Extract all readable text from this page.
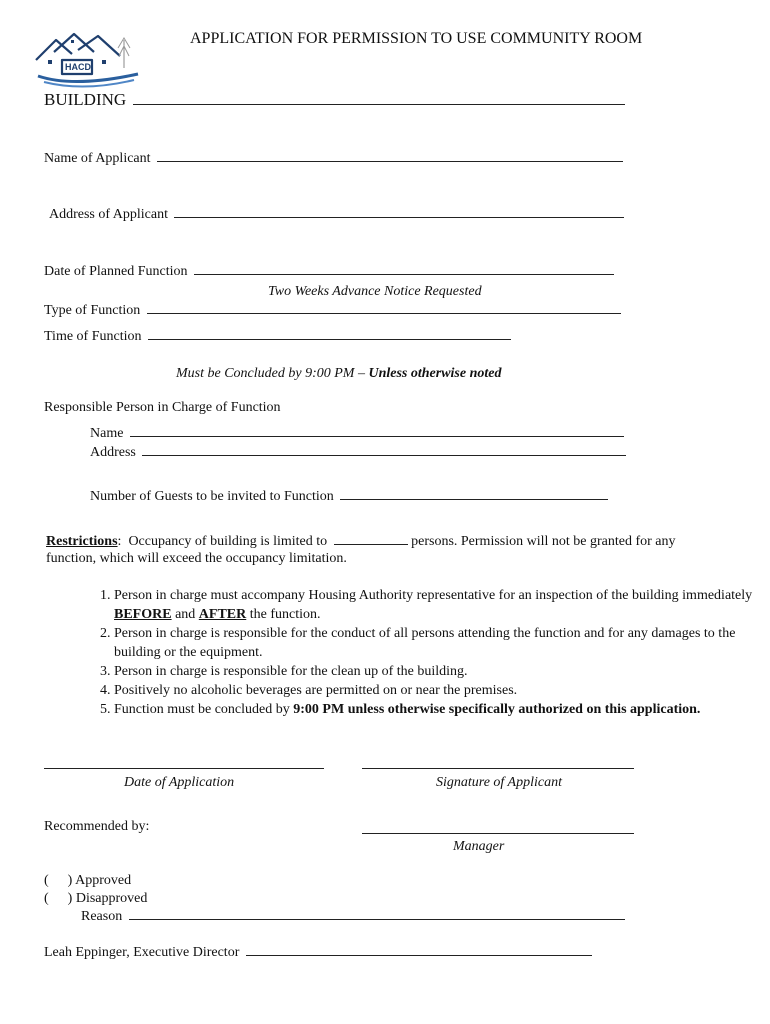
HACD
APPLICATION FOR PERMISSION TO USE COMMUNITY ROOM
BUILDING
Name of Applicant
Address of Applicant
Date of Planned Function
Two Weeks Advance Notice Requested
Type of Function
Time of Function
Must be Concluded by 9:00 PM – Unless otherwise noted
Responsible Person in Charge of Function
Name
Address
Number of Guests to be invited to Function
Restrictions: Occupancy of building is limited to	persons. Permission will not be granted for any
function, which will exceed the occupancy limitation.
1. Person in charge must accompany Housing Authority representative for an inspection of the building immediately BEFORE and AFTER the function.
2. Person in charge is responsible for the conduct of all persons attending the function and for any damages to the building or the equipment.
3. Person in charge is responsible for the clean up of the building.
4. Positively no alcoholic beverages are permitted on or near the premises.
5. Function must be concluded by 9:00 PM unless otherwise specifically authorized on this application.
Date of Application	Signature of Applicant
Recommended by:
Manager
( ) Approved
( ) Disapproved
Reason
Leah Eppinger, Executive Director
